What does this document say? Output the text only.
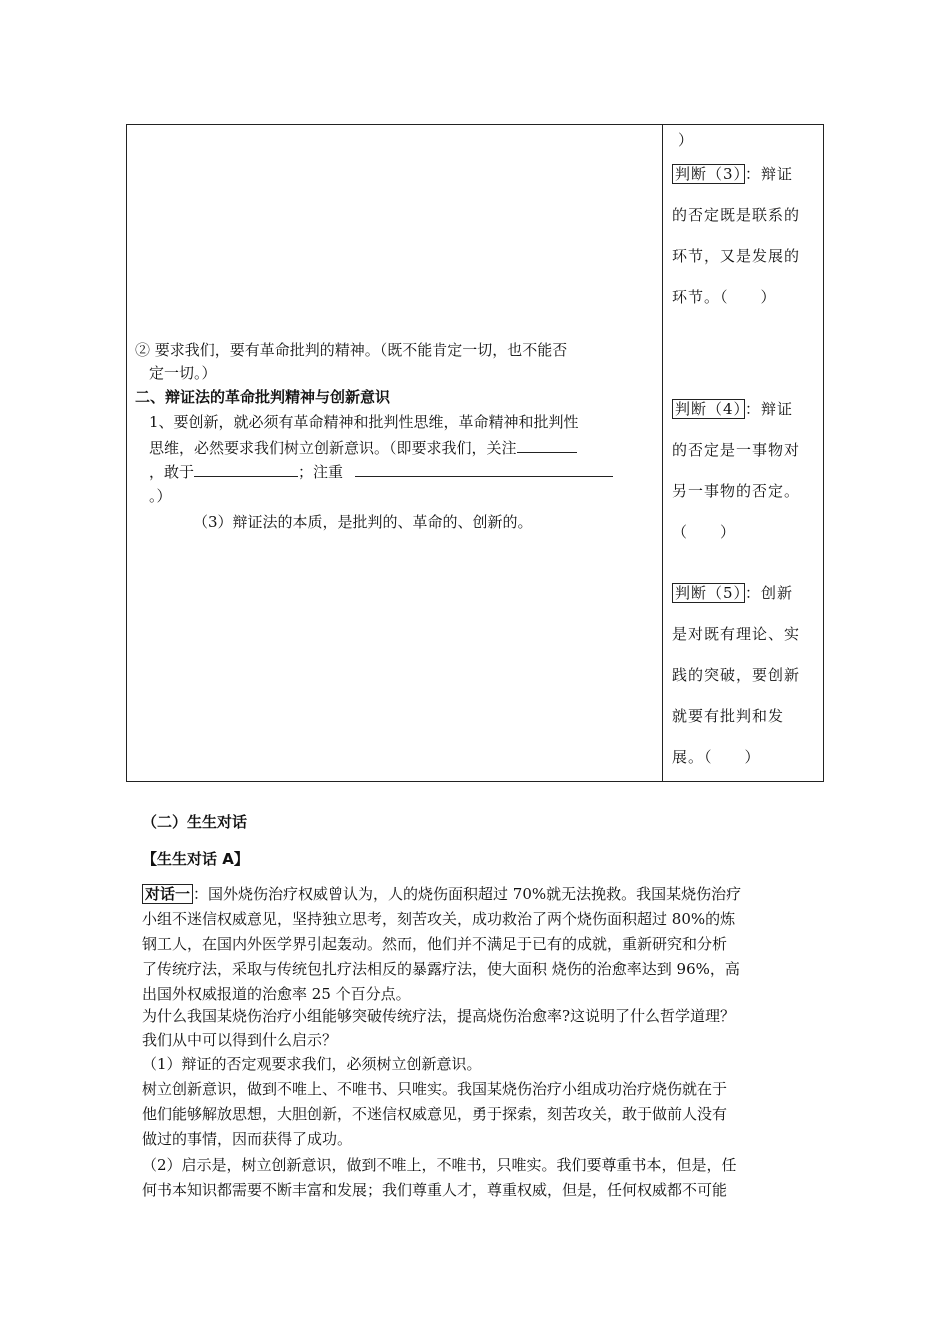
② 要求我们，要有革命批判的精神。（既不能肯定一切，也不能否
定一切。）
二、辩证法的革命批判精神与创新意识
1、要创新，就必须有革命精神和批判性思维，革命精神和批判性
思维，必然要求我们树立创新意识。（即要求我们，关注
，敢于	；注重
。）
（3）辩证法的本质，是批判的、革命的、创新的。
）
判断（3） ：辩证
的否定既是联系的
环节，又是发展的
环节。（　　）
判断（4） ：辩证
的否定是一事物对
另一事物的否定。
（　　）
判断（5） ：创新
是对既有理论、实
践的突破，要创新
就要有批判和发
展。（　　）
（二）生生对话
【生生对话 A】
对话一 ：国外烧伤治疗权威曾认为，人的烧伤面积超过 70%就无法挽救。我国某烧伤治疗
小组不迷信权威意见，坚持独立思考，刻苦攻关，成功救治了两个烧伤面积超过 80%的炼
钢工人，在国内外医学界引起轰动。然而，他们并不满足于已有的成就，重新研究和分析
了传统疗法，采取与传统包扎疗法相反的暴露疗法，使大面积 烧伤的治愈率达到 96%，高
出国外权威报道的治愈率 25 个百分点。
为什么我国某烧伤治疗小组能够突破传统疗法，提高烧伤治愈率?这说明了什么哲学道理？
我们从中可以得到什么启示？
（1）辩证的否定观要求我们，必须树立创新意识。
树立创新意识，做到不唯上、不唯书、只唯实。我国某烧伤治疗小组成功治疗烧伤就在于
他们能够解放思想，大胆创新，不迷信权威意见，勇于探索，刻苦攻关，敢于做前人没有
做过的事情，因而获得了成功。
（2）启示是，树立创新意识，做到不唯上，不唯书，只唯实。我们要尊重书本，但是，任
何书本知识都需要不断丰富和发展；我们尊重人才，尊重权威，但是，任何权威都不可能
